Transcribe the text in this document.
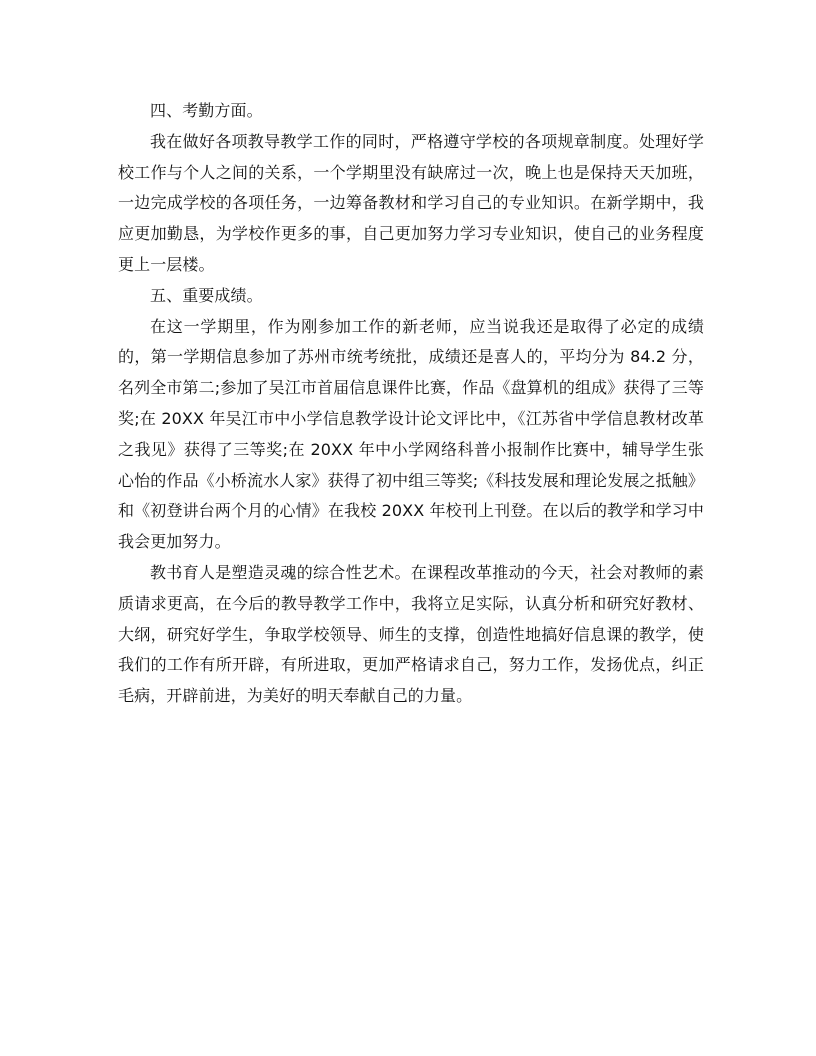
四、考勤方面。

我在做好各项教导教学工作的同时，严格遵守学校的各项规章制度。处理好学校工作与个人之间的关系，一个学期里没有缺席过一次，晚上也是保持天天加班，一边完成学校的各项任务，一边筹备教材和学习自己的专业知识。在新学期中，我应更加勤恳，为学校作更多的事，自己更加努力学习专业知识，使自己的业务程度更上一层楼。

五、重要成绩。

在这一学期里，作为刚参加工作的新老师，应当说我还是取得了必定的成绩的，第一学期信息参加了苏州市统考统批，成绩还是喜人的，平均分为 84.2 分，名列全市第二;参加了吴江市首届信息课件比赛，作品《盘算机的组成》获得了三等奖;在 20XX 年吴江市中小学信息教学设计论文评比中，《江苏省中学信息教材改革之我见》获得了三等奖;在 20XX 年中小学网络科普小报制作比赛中，辅导学生张心怡的作品《小桥流水人家》获得了初中组三等奖;《科技发展和理论发展之抵触》和《初登讲台两个月的心情》在我校 20XX 年校刊上刊登。在以后的教学和学习中我会更加努力。

教书育人是塑造灵魂的综合性艺术。在课程改革推动的今天，社会对教师的素质请求更高，在今后的教导教学工作中，我将立足实际，认真分析和研究好教材、大纲，研究好学生，争取学校领导、师生的支撑，创造性地搞好信息课的教学，使我们的工作有所开辟，有所进取，更加严格请求自己，努力工作，发扬优点，纠正毛病，开辟前进，为美好的明天奉献自己的力量。
